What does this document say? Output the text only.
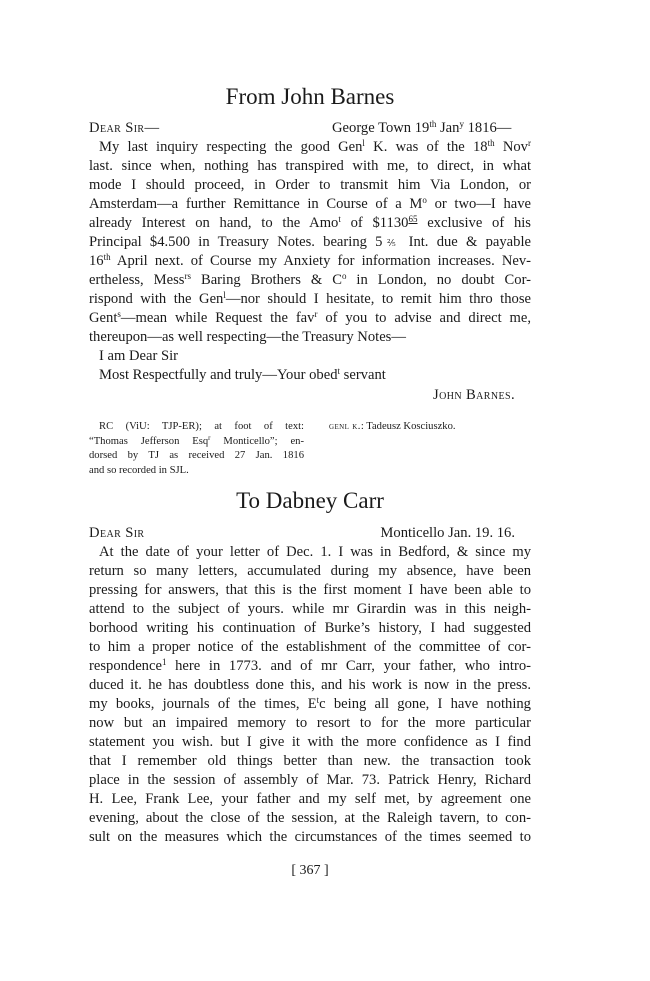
From John Barnes
Dear Sir—	George Town 19th Jan$^y$ 1816—
My last inquiry respecting the good Gen$^l$ K. was of the 18th Nov$^r$
last. since when, nothing has transpired with me, to direct, in what
mode I should proceed, in Order to transmit him Via London, or
Amsterdam—a further Remittance in Course of a $M^o$ or two—I have
already Interest on hand, to the Amo$^t$ of $1130$^{65}$ exclusive of his
Principal $4.500 in Treasury Notes. bearing 5⅖ Int. due & payable
16th April next. of Course my Anxiety for information increases. Nev-
ertheless, Mess$^{rs}$ Baring Brothers & $C^o$ in London, no doubt Cor-
rispond with the Gen$^l$—nor should I hesitate, to remit him thro those
Gent$^s$—mean while Request the fav$^r$ of you to advise and direct me,
thereupon—as well respecting—the Treasury Notes—
I am Dear Sir
Most Respectfully and truly—Your obed$^t$ servant
John Barnes.
RC (ViU: TJP-ER); at foot of text:
“Thomas Jefferson Esq$^r$ Monticello”; en-
dorsed by TJ as received 27 Jan. 1816
and so recorded in SJL.
genl k.: Tadeusz Kosciuszko.
To Dabney Carr
Dear Sir	Monticello Jan. 19. 16.
At the date of your letter of Dec. 1. I was in Bedford, & since my
return so many letters, accumulated during my absence, have been
pressing for answers, that this is the first moment I have been able to
attend to the subject of yours. while mr Girardin was in this neigh-
borhood writing his continuation of Burke’s history, I had suggested
to him a proper notice of the establishment of the committee of cor-
respondence$^1$ here in 1773. and of mr Carr, your father, who intro-
duced it. he has doubtless done this, and his work is now in the press.
my books, journals of the times, $E^tc$ being all gone, I have nothing
now but an impaired memory to resort to for the more particular
statement you wish. but I give it with the more confidence as I find
that I remember old things better than new. the transaction took
place in the session of assembly of Mar. 73. Patrick Henry, Richard
H. Lee, Frank Lee, your father and my self met, by agreement one
evening, about the close of the session, at the Raleigh tavern, to con-
sult on the measures which the circumstances of the times seemed to
[ 367 ]
